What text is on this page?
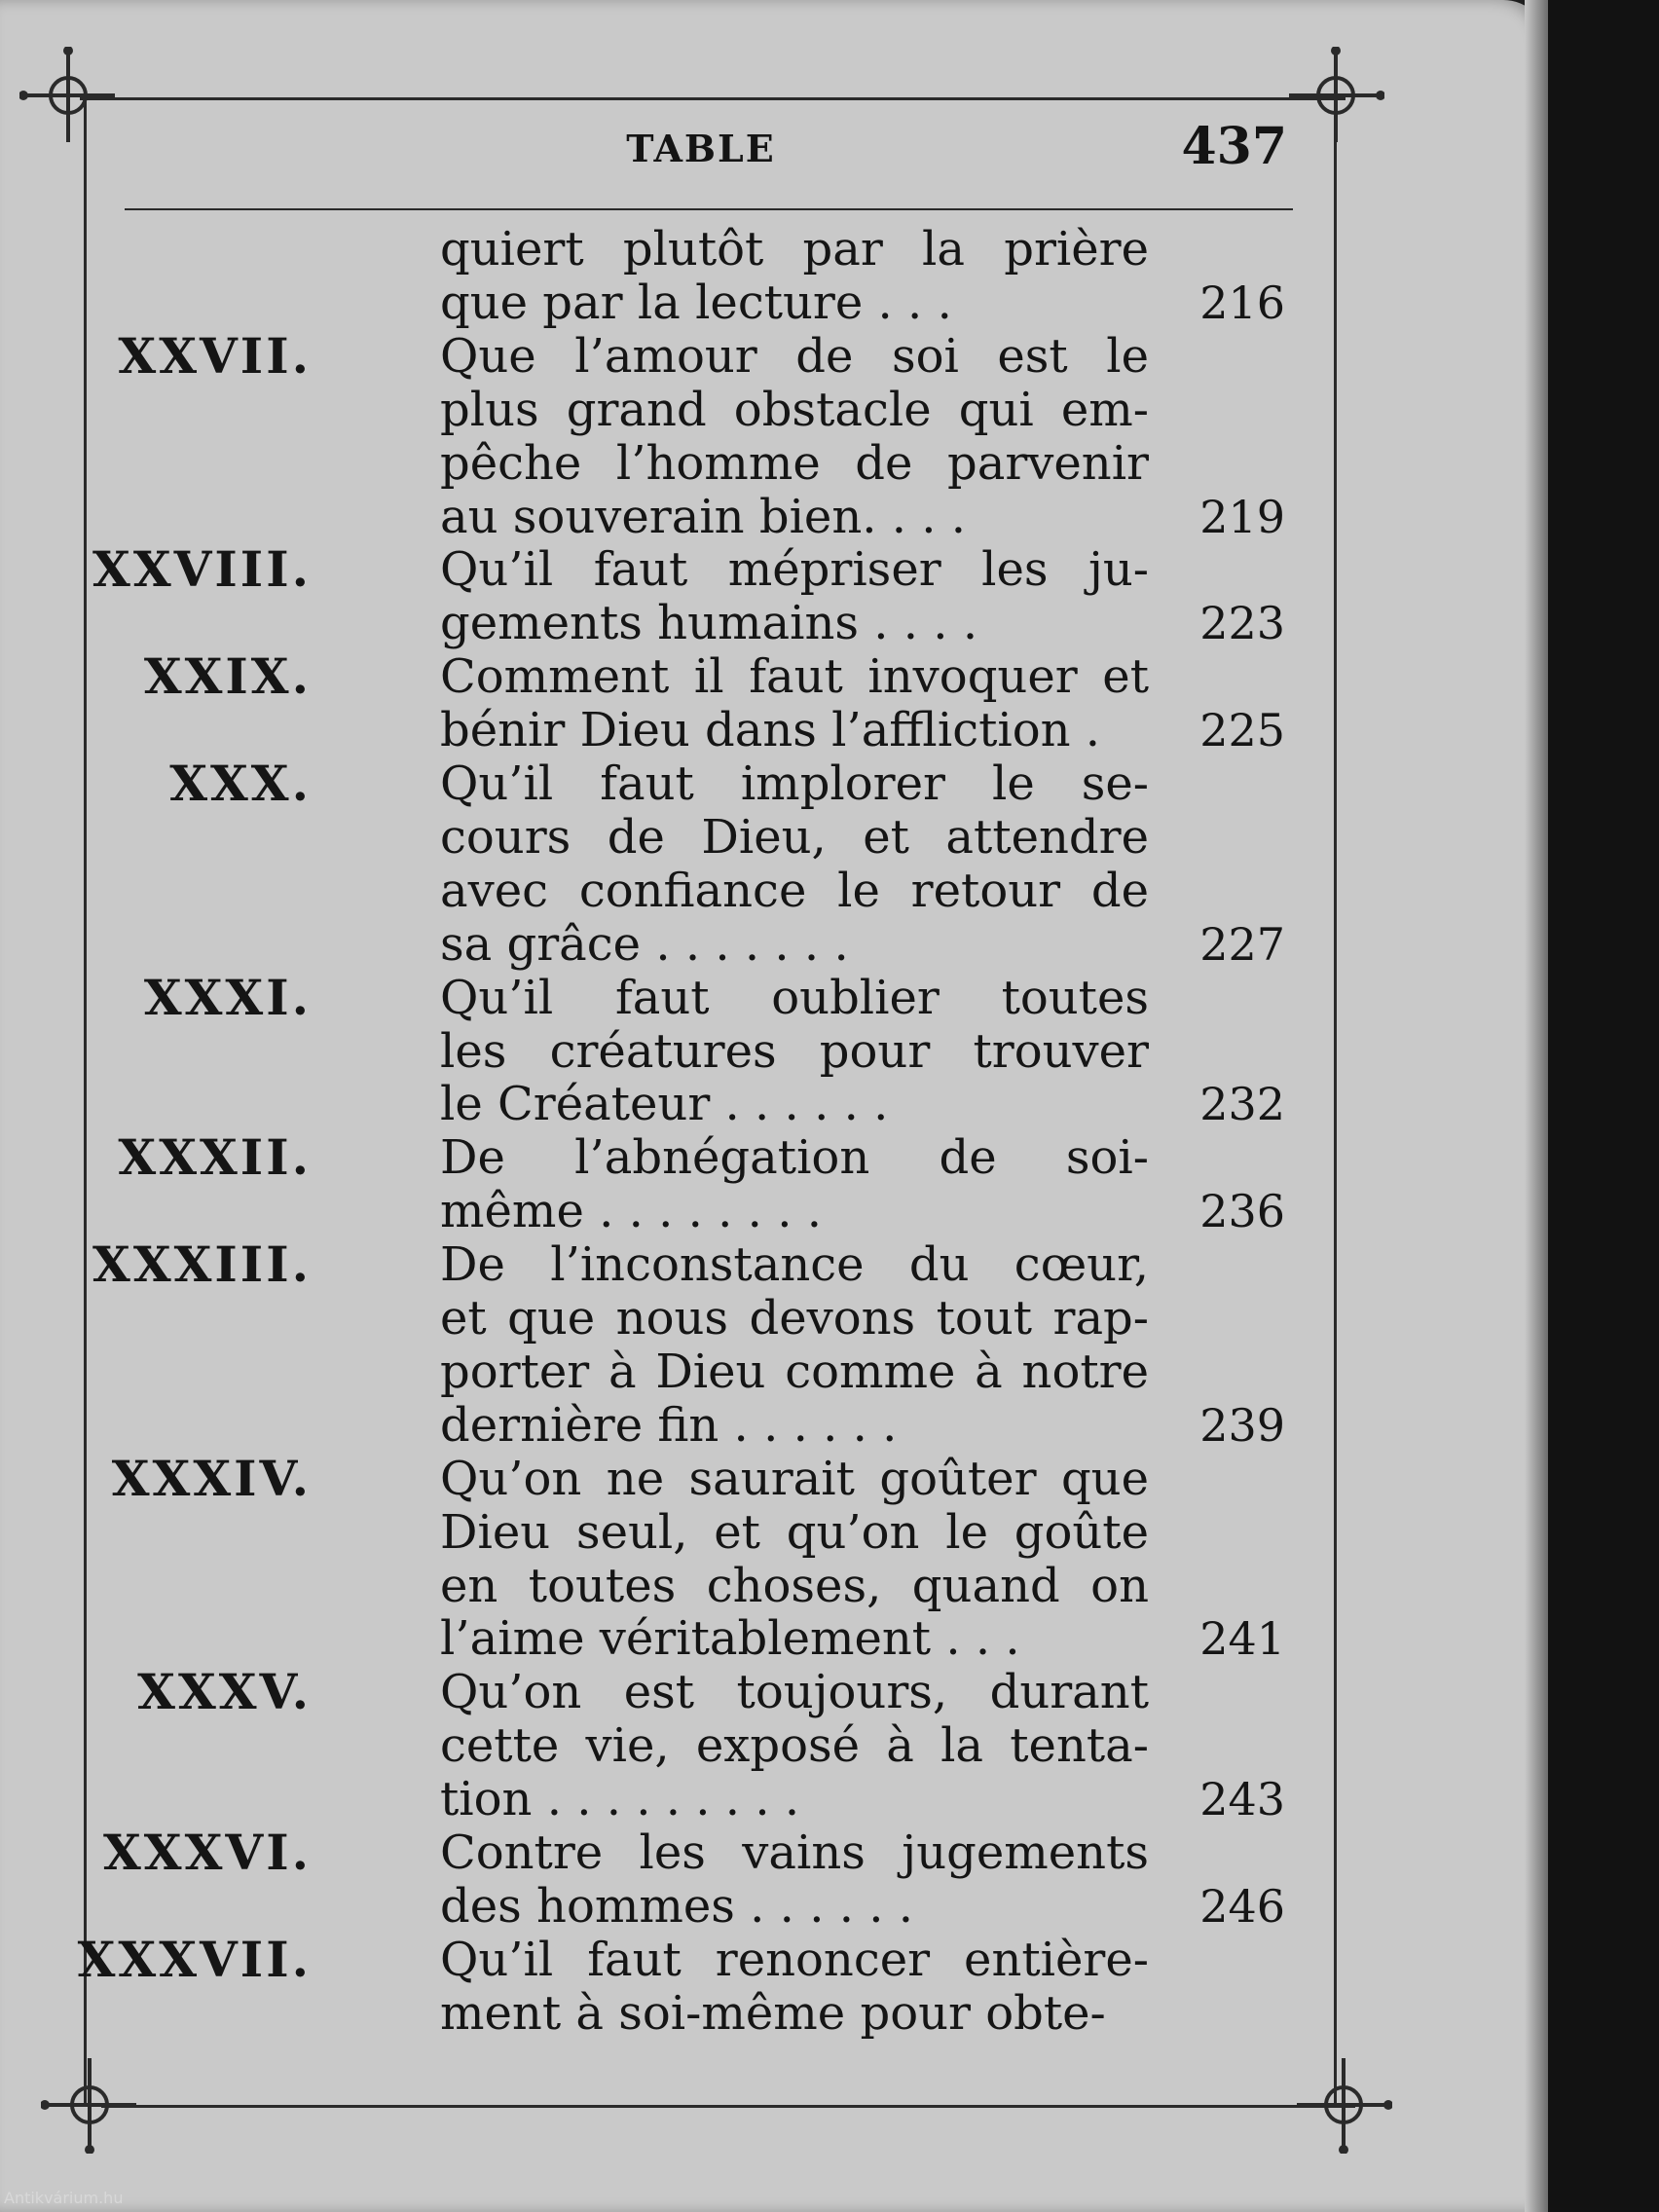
TABLE	437
quiert plutôt par la prière
que par la lecture . . .	216
XXVII.	Que l’amour de soi est le
plus grand obstacle qui em-
pêche l’homme de parvenir
au souverain bien. . . .	219
XXVIII.	Qu’il faut mépriser les ju-
gements humains . . . .	223
XXIX.	Comment il faut invoquer et
bénir Dieu dans l’affliction .	225
XXX.	Qu’il faut implorer le se-
cours de Dieu, et attendre
avec confiance le retour de
sa grâce . . . . . . .	227
XXXI.	Qu’il faut oublier toutes
les créatures pour trouver
le Créateur . . . . . .	232
XXXII.	De l’abnégation de soi-
même . . . . . . . .	236
XXXIII.	De l’inconstance du cœur,
et que nous devons tout rap-
porter à Dieu comme à notre
dernière fin . . . . . .	239
XXXIV.	Qu’on ne saurait goûter que
Dieu seul, et qu’on le goûte
en toutes choses, quand on
l’aime véritablement . . .	241
XXXV.	Qu’on est toujours, durant
cette vie, exposé à la tenta-
tion . . . . . . . . .	243
XXXVI.	Contre les vains jugements
des hommes . . . . . .	246
XXXVII.	Qu’il faut renoncer entière-
ment à soi-même pour obte-
Antikvárium.hu
